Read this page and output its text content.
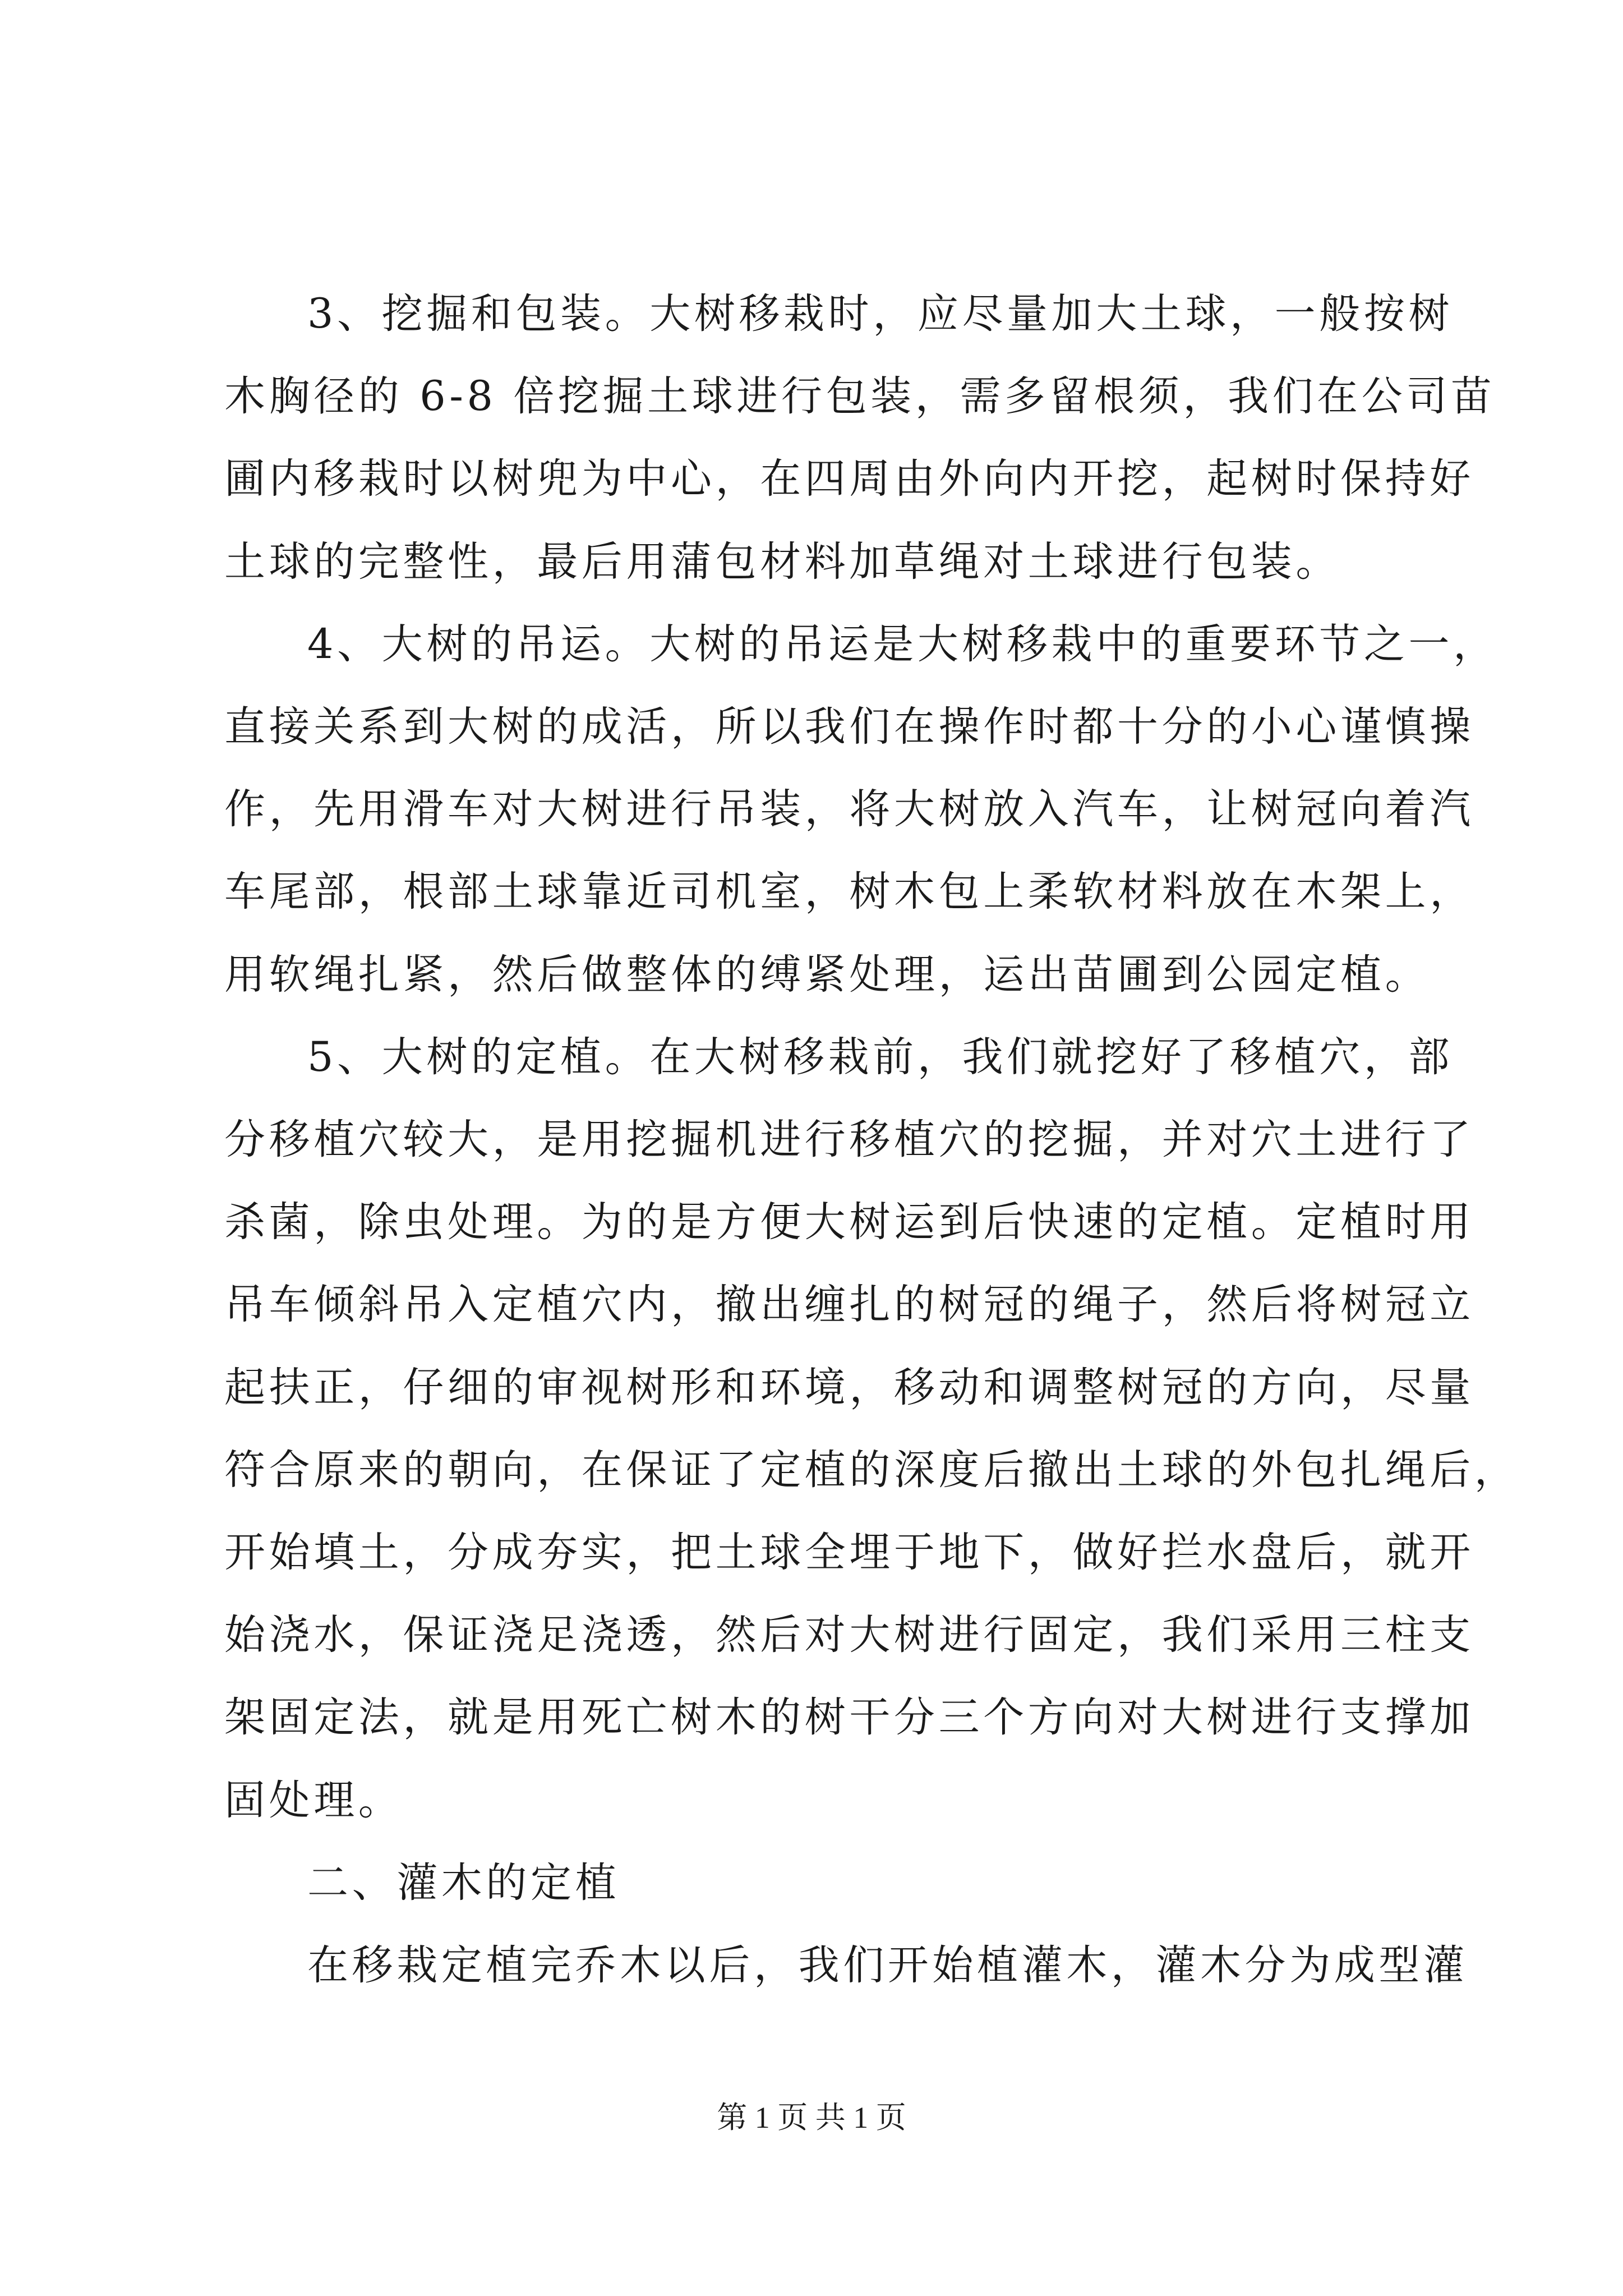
3、挖掘和包装。大树移栽时，应尽量加大土球，一般按树
木胸径的 6-8 倍挖掘土球进行包装，需多留根须，我们在公司苗
圃内移栽时以树兜为中心，在四周由外向内开挖，起树时保持好
土球的完整性，最后用蒲包材料加草绳对土球进行包装。
4、大树的吊运。大树的吊运是大树移栽中的重要环节之一，
直接关系到大树的成活，所以我们在操作时都十分的小心谨慎操
作，先用滑车对大树进行吊装，将大树放入汽车，让树冠向着汽
车尾部，根部土球靠近司机室，树木包上柔软材料放在木架上，
用软绳扎紧，然后做整体的缚紧处理，运出苗圃到公园定植。
5、大树的定植。在大树移栽前，我们就挖好了移植穴，部
分移植穴较大，是用挖掘机进行移植穴的挖掘，并对穴土进行了
杀菌，除虫处理。为的是方便大树运到后快速的定植。定植时用
吊车倾斜吊入定植穴内，撤出缠扎的树冠的绳子，然后将树冠立
起扶正，仔细的审视树形和环境，移动和调整树冠的方向，尽量
符合原来的朝向，在保证了定植的深度后撤出土球的外包扎绳后，
开始填土，分成夯实，把土球全埋于地下，做好拦水盘后，就开
始浇水，保证浇足浇透，然后对大树进行固定，我们采用三柱支
架固定法，就是用死亡树木的树干分三个方向对大树进行支撑加
固处理。
二、灌木的定植
在移栽定植完乔木以后，我们开始植灌木，灌木分为成型灌
第 1 页 共 1 页
